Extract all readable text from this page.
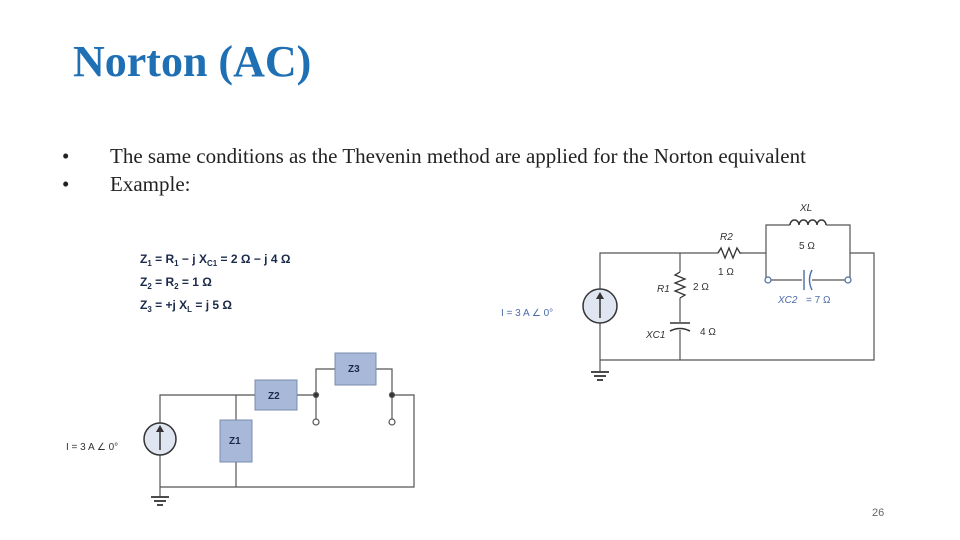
Norton (AC)
•	The same conditions as the Thevenin method are applied for the Norton equivalent
•	Example:
$Z_1 = R_1 - j$ $X_{C1} = 2$ Ω − j 4 Ω
$Z_2 = R_2 = 1$ Ω
$Z_3 = +j$ $X_L = j$ 5 Ω
I = 3 A ∠ 0°
Z1
Z2
Z3
R2
1 Ω
R1 2 Ω
XC1	4 Ω
XL
5 Ω
XC2 = 7 Ω
I = 3 A ∠ 0°
26
